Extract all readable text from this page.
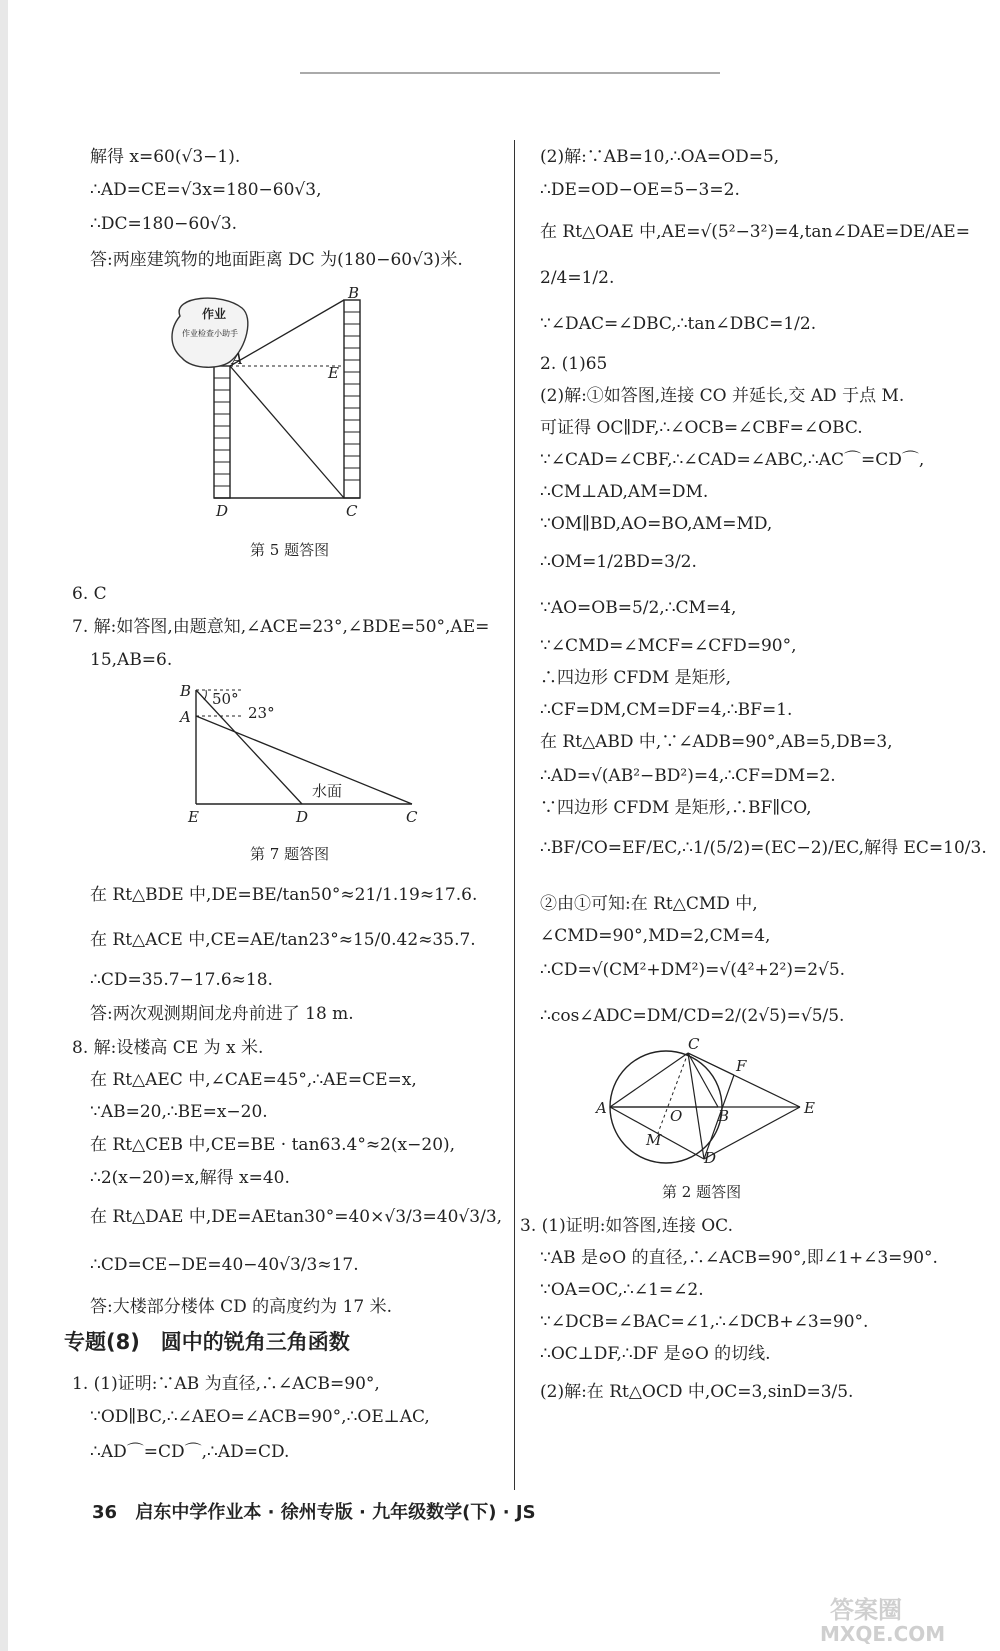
解得 x=60(√3−1).
∴AD=CE=√3x=180−60√3,
∴DC=180−60√3.
答:两座建筑物的地面距离 DC 为(180−60√3)米.
作业
作业检查小助手
B
E
A
D	C
第 5 题答图
6. C
7. 解:如答图,由题意知,∠ACE=23°,∠BDE=50°,AE=
15,AB=6.
B
A
50°
23°
水面
E	D	C
第 7 题答图
在 Rt△BDE 中,DE=BE/tan50°≈21/1.19≈17.6.
在 Rt△ACE 中,CE=AE/tan23°≈15/0.42≈35.7.
∴CD=35.7−17.6≈18.
答:两次观测期间龙舟前进了 18 m.
8. 解:设楼高 CE 为 x 米.
在 Rt△AEC 中,∠CAE=45°,∴AE=CE=x,
∵AB=20,∴BE=x−20.
在 Rt△CEB 中,CE=BE · tan63.4°≈2(x−20),
∴2(x−20)=x,解得 x=40.
在 Rt△DAE 中,DE=AEtan30°=40×√3/3=40√3/3,
∴CD=CE−DE=40−40√3/3≈17.
答:大楼部分楼体 CD 的高度约为 17 米.
专题(8)　圆中的锐角三角函数
1. (1)证明:∵AB 为直径,∴∠ACB=90°,
∵OD∥BC,∴∠AEO=∠ACB=90°,∴OE⊥AC,
∴AD⌒=CD⌒,∴AD=CD.
(2)解:∵AB=10,∴OA=OD=5,
∴DE=OD−OE=5−3=2.
在 Rt△OAE 中,AE=√(5²−3²)=4,tan∠DAE=DE/AE=
2/4=1/2.
∵∠DAC=∠DBC,∴tan∠DBC=1/2.
2. (1)65
(2)解:①如答图,连接 CO 并延长,交 AD 于点 M.
可证得 OC∥DF,∴∠OCB=∠CBF=∠OBC.
∵∠CAD=∠CBF,∴∠CAD=∠ABC,∴AC⌒=CD⌒,
∴CM⊥AD,AM=DM.
∵OM∥BD,AO=BO,AM=MD,
∴OM=1/2BD=3/2.
∵AO=OB=5/2,∴CM=4,
∵∠CMD=∠MCF=∠CFD=90°,
∴四边形 CFDM 是矩形,
∴CF=DM,CM=DF=4,∴BF=1.
在 Rt△ABD 中,∵∠ADB=90°,AB=5,DB=3,
∴AD=√(AB²−BD²)=4,∴CF=DM=2.
∵四边形 CFDM 是矩形,∴BF∥CO,
∴BF/CO=EF/EC,∴1/(5/2)=(EC−2)/EC,解得 EC=10/3.
②由①可知:在 Rt△CMD 中,
∠CMD=90°,MD=2,CM=4,
∴CD=√(CM²+DM²)=√(4²+2²)=2√5.
∴cos∠ADC=DM/CD=2/(2√5)=√5/5.
C
F
A	O B	E
M
D
第 2 题答图
3. (1)证明:如答图,连接 OC.
∵AB 是⊙O 的直径,∴∠ACB=90°,即∠1+∠3=90°.
∵OA=OC,∴∠1=∠2.
∵∠DCB=∠BAC=∠1,∴∠DCB+∠3=90°.
∴OC⊥DF,∴DF 是⊙O 的切线.
(2)解:在 Rt△OCD 中,OC=3,sinD=3/5.
36 启东中学作业本 · 徐州专版 · 九年级数学(下) · JS
答案圈
MXQE.COM
